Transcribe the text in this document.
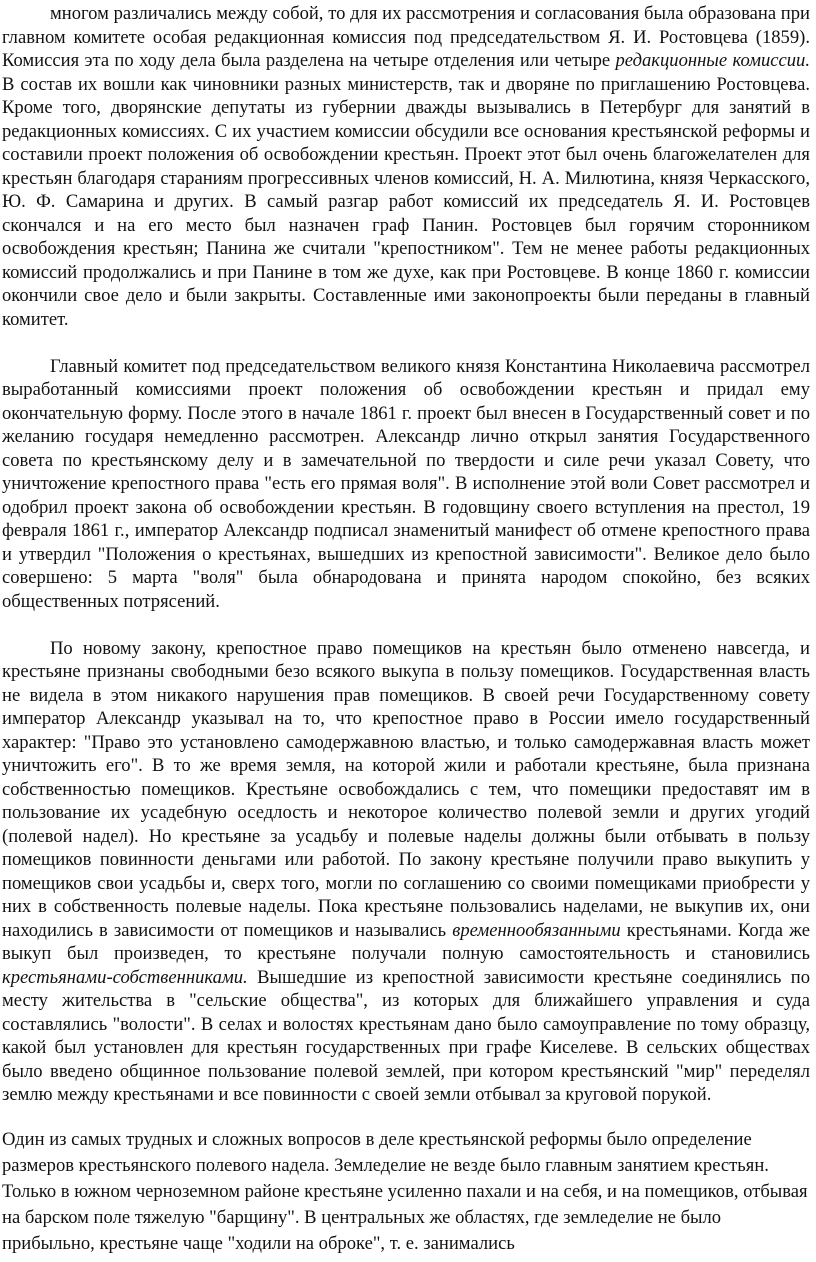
многом различались между собой, то для их рассмотрения и согласования была образована при главном комитете особая редакционная комиссия под председательством Я. И. Ростовцева (1859). Комиссия эта по ходу дела была разделена на четыре отделения или четыре редакционные комиссии. В состав их вошли как чиновники разных министерств, так и дворяне по приглашению Ростовцева. Кроме того, дворянские депутаты из губернии дважды вызывались в Петербург для занятий в редакционных комиссиях. С их участием комиссии обсудили все основания крестьянской реформы и составили проект положения об освобождении крестьян. Проект этот был очень благожелателен для крестьян благодаря стараниям прогрессивных членов комиссий, Н. А. Милютина, князя Черкасского, Ю. Ф. Самарина и других. В самый разгар работ комиссий их председатель Я. И. Ростовцев скончался и на его место был назначен граф Панин. Ростовцев был горячим сторонником освобождения крестьян; Панина же считали "крепостником". Тем не менее работы редакционных комиссий продолжались и при Панине в том же духе, как при Ростовцеве. В конце 1860 г. комиссии окончили свое дело и были закрыты. Составленные ими законопроекты были переданы в главный комитет.

Главный комитет под председательством великого князя Константина Николаевича рассмотрел выработанный комиссиями проект положения об освобождении крестьян и придал ему окончательную форму. После этого в начале 1861 г. проект был внесен в Государственный совет и по желанию государя немедленно рассмотрен. Александр лично открыл занятия Государственного совета по крестьянскому делу и в замечательной по твердости и силе речи указал Совету, что уничтожение крепостного права "есть его прямая воля". В исполнение этой воли Совет рассмотрел и одобрил проект закона об освобождении крестьян. В годовщину своего вступления на престол, 19 февраля 1861 г., император Александр подписал знаменитый манифест об отмене крепостного права и утвердил "Положения о крестьянах, вышедших из крепостной зависимости". Великое дело было совершено: 5 марта "воля" была обнародована и принята народом спокойно, без всяких общественных потрясений.

По новому закону, крепостное право помещиков на крестьян было отменено навсегда, и крестьяне признаны свободными безо всякого выкупа в пользу помещиков. Государственная власть не видела в этом никакого нарушения прав помещиков. В своей речи Государственному совету император Александр указывал на то, что крепостное право в России имело государственный характер: "Право это установлено самодержавною властью, и только самодержавная власть может уничтожить его". В то же время земля, на которой жили и работали крестьяне, была признана собственностью помещиков. Крестьяне освобождались с тем, что помещики предоставят им в пользование их усадебную оседлость и некоторое количество полевой земли и других угодий (полевой надел). Но крестьяне за усадьбу и полевые наделы должны были отбывать в пользу помещиков повинности деньгами или работой. По закону крестьяне получили право выкупить у помещиков свои усадьбы и, сверх того, могли по соглашению со своими помещиками приобрести у них в собственность полевые наделы. Пока крестьяне пользовались наделами, не выкупив их, они находились в зависимости от помещиков и назывались временнообязанными крестьянами. Когда же выкуп был произведен, то крестьяне получали полную самостоятельность и становились крестьянами-собственниками. Вышедшие из крепостной зависимости крестьяне соединялись по месту жительства в "сельские общества", из которых для ближайшего управления и суда составлялись "волости". В селах и волостях крестьянам дано было самоуправление по тому образцу, какой был установлен для крестьян государственных при графе Киселеве. В сельских обществах было введено общинное пользование полевой землей, при котором крестьянский "мир" переделял землю между крестьянами и все повинности с своей земли отбывал за круговой порукой.

Один из самых трудных и сложных вопросов в деле крестьянской реформы было определение размеров крестьянского полевого надела. Земледелие не везде было главным занятием крестьян. Только в южном черноземном районе крестьяне усиленно пахали и на себя, и на помещиков, отбывая на барском поле тяжелую "барщину". В центральных же областях, где земледелие не было прибыльно, крестьяне чаще "ходили на оброке", т. е. занимались
